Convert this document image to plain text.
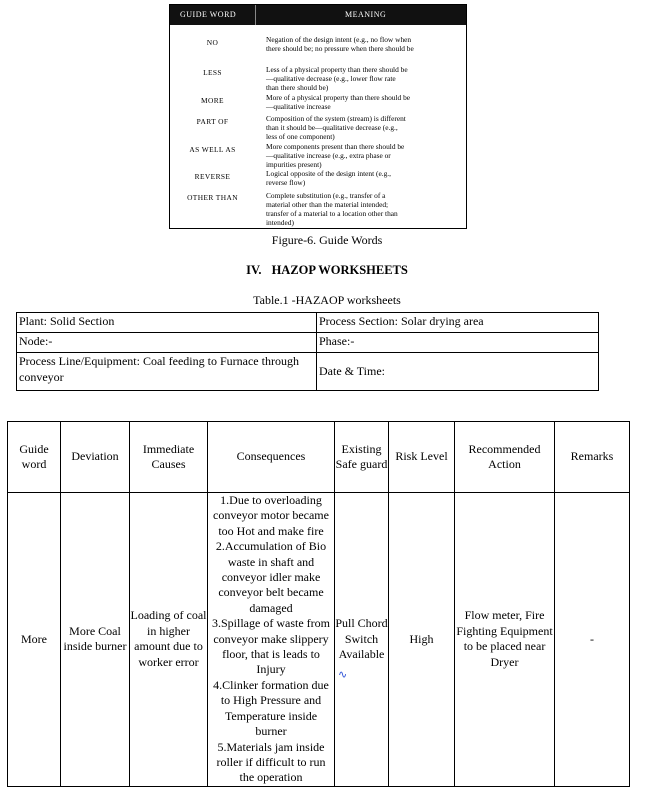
GUIDE WORD	MEANING
NO	Negation of the design intent (e.g., no flow when
there should be; no pressure when there should be
LESS	Less of a physical property than there should be
—qualitative decrease (e.g., lower flow rate
than there should be)
MORE	More of a physical property than there should be
—qualitative increase
PART OF	Composition of the system (stream) is different
than it should be—qualitative decrease (e.g.,
less of one component)
AS WELL AS	More components present than there should be
—qualitative increase (e.g., extra phase or
impurities present)
REVERSE	Logical opposite of the design intent (e.g.,
reverse flow)
OTHER THAN	Complete substitution (e.g., transfer of a
material other than the material intended;
transfer of a material to a location other than
intended)
Figure-6. Guide Words
IV. HAZOP WORKSHEETS
Table.1 -HAZAOP worksheets
Plant: Solid Section	Process Section: Solar drying area
Node:-	Phase:-
Process Line/Equipment: Coal feeding to Furnace through conveyor	Date & Time:
Guide word	Deviation	Immediate Causes	Consequences	Existing Safe guard	Risk Level	Recommended Action	Remarks
More	More Coal inside burner	Loading of coal in higher amount due to worker error	1.Due to overloading conveyor motor became too Hot and make fire
2.Accumulation of Bio waste in shaft and conveyor idler make conveyor belt became damaged
3.Spillage of waste from conveyor make slippery floor, that is leads to Injury
4.Clinker formation due to High Pressure and Temperature inside burner
5.Materials jam inside roller if difficult to run the operation	Pull Chord Switch Available	High	Flow meter, Fire Fighting Equipment to be placed near Dryer	-
∿
